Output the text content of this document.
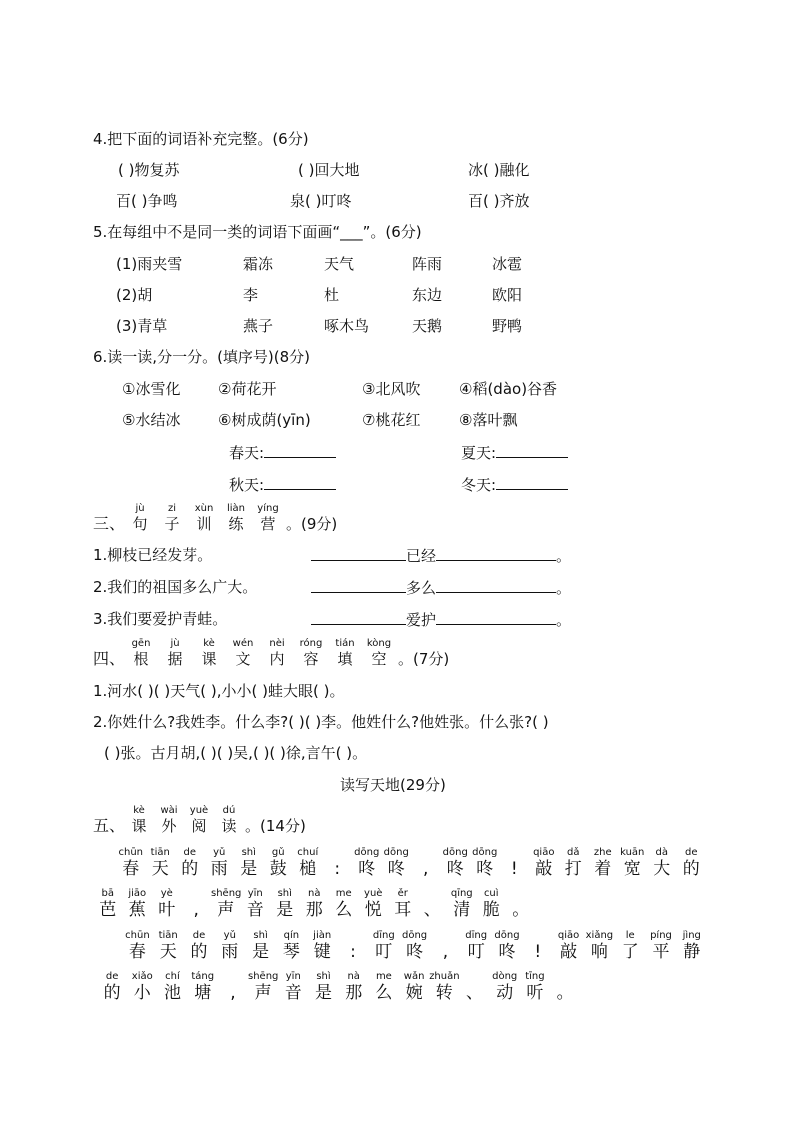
4.把下面的词语补充完整。(6分)
( )物复苏	( )回大地	冰( )融化
百( )争鸣	泉( )叮咚	百( )齐放
5.在每组中不是同一类的词语下面画“___”。(6分)
(1)雨夹雪	霜冻	天气	阵雨	冰雹
(2)胡	李	杜	东边	欧阳
(3)青草	燕子	啄木鸟	天鹅	野鸭
6.读一读,分一分。(填序号)(8分)
①冰雪化	②荷花开	③北风吹	④稻(dào)谷香
⑤水结冰	⑥树成荫(yīn)	⑦桃花红	⑧落叶飘
春天:	夏天:
秋天:	冬天:
三、
jù
句
zi
子
xùn
训
liàn
练
yíng
营 。(9分)
1.柳枝已经发芽。	已经	。
2.我们的祖国多么广大。	多么	。
3.我们要爱护青蛙。	爱护	。
四、
gēn
根
jù
据
kè
课
wén
文
nèi
内
róng
容
tián
填
kòng
空 。(7分)
1.河水( )( )天气( ),小小( )蛙大眼( )。
2.你姓什么?我姓李。什么李?( )( )李。他姓什么?他姓张。什么张?( )
( )张。古月胡,( )( )吴,( )( )徐,言午( )。
读写天地(29分)
五、
kè
课
wài
外
yuè
阅
dú
读 。(14分)
chūn
春
tiān
天
de
的
yǔ
雨
shì
是
gǔ
鼓
chuí
槌	:
dōng
咚
dōng
咚	,
dōng
咚
dōng
咚	!
qiāo
敲
dǎ
打
zhe
着
kuān
宽
dà
大
de
的
bā
芭
jiāo
蕉
yè
叶	,
shēng
声
yīn
音
shì
是
nà
那
me
么
yuè
悦
ěr
耳 、
qīng
清
cuì
脆 。
chūn
春
tiān
天
de
的
yǔ
雨
shì
是
qín
琴
jiàn
键	:
dīng
叮
dōng
咚	,
dīng
叮
dōng
咚	!
qiāo
敲
xiǎng
响
le
了
píng
平
jìng
静
de
的
xiǎo
小
chí
池
táng
塘	,
shēng
声
yīn
音
shì
是
nà
那
me
么
wǎn
婉
zhuǎn
转 、
dòng
动
tīng
听 。
